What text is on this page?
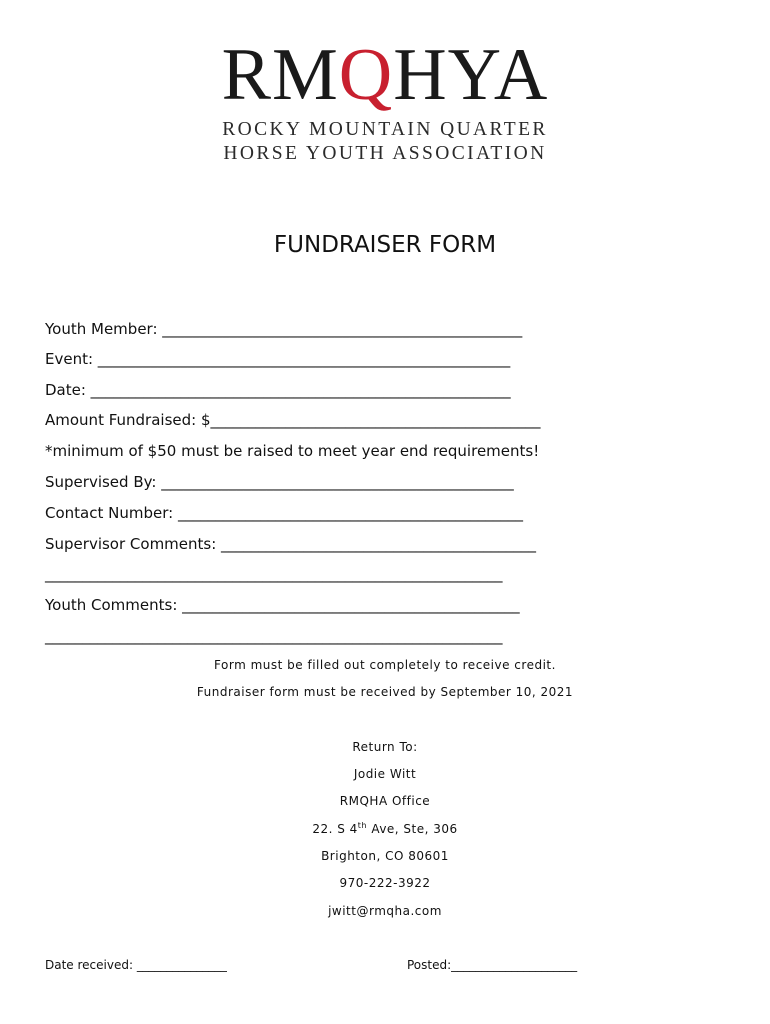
RMQHYA
ROCKY MOUNTAIN QUARTER
HORSE YOUTH ASSOCIATION
FUNDRAISER FORM
Youth Member: ________________________________________________
Event: _______________________________________________________
Date: ________________________________________________________
Amount Fundraised: $____________________________________________
*minimum of $50 must be raised to meet year end requirements!
Supervised By: _______________________________________________
Contact Number: ______________________________________________
Supervisor Comments: __________________________________________
_____________________________________________________________
Youth Comments: _____________________________________________
_____________________________________________________________
Form must be filled out completely to receive credit.
Fundraiser form must be received by September 10, 2021
Return To:
Jodie Witt
RMQHA Office
22. S 4th Ave, Ste, 306
Brighton, CO 80601
970-222-3922
jwitt@rmqha.com
Date received: _______________	Posted:_____________________
